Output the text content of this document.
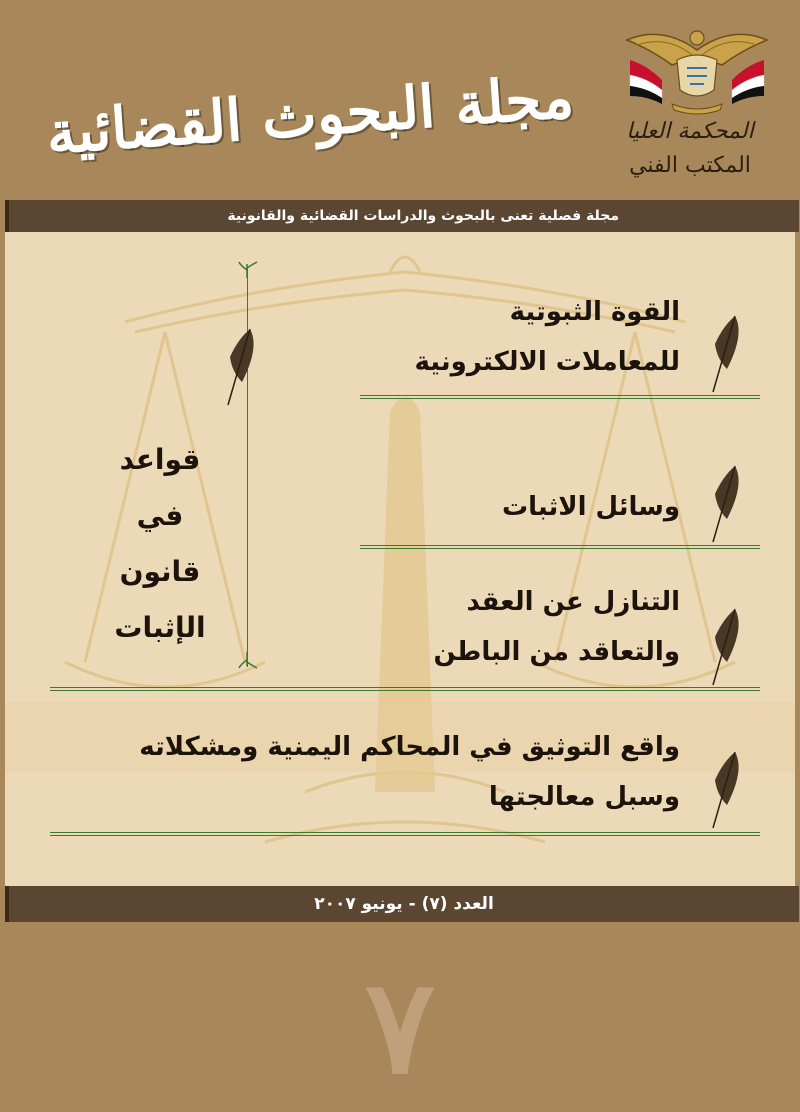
مجلة البحوث القضائية	المحكمة العليا
المكتب الفني
مجلة فصلية تعنى بالبحوث والدراسات القضائية والقانونية
قواعد
في
قانون
الإثبات
القوة الثبوتية
للمعاملات الالكترونية
وسائل الاثبات
التنازل عن العقد
والتعاقد من الباطن
واقع التوثيق في المحاكم اليمنية ومشكلاته
وسبل معالجتها
العدد (٧) - يونيو ٢٠٠٧
٧
